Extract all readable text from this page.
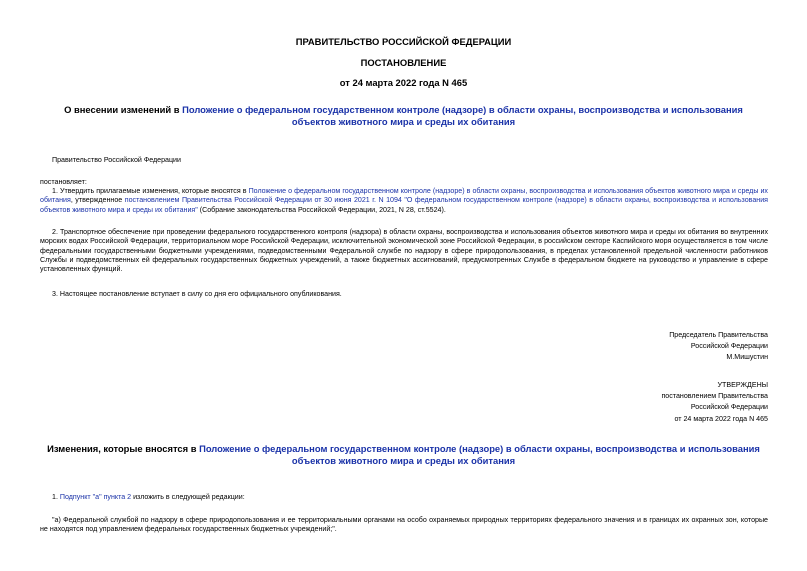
ПРАВИТЕЛЬСТВО РОССИЙСКОЙ ФЕДЕРАЦИИ
ПОСТАНОВЛЕНИЕ
от 24 марта 2022 года N 465
О внесении изменений в Положение о федеральном государственном контроле (надзоре) в области охраны, воспроизводства и использования объектов животного мира и среды их обитания
Правительство Российской Федерации
постановляет:

1. Утвердить прилагаемые изменения, которые вносятся в Положение о федеральном государственном контроле (надзоре) в области охраны, воспроизводства и использования объектов животного мира и среды их обитания, утвержденное постановлением Правительства Российской Федерации от 30 июня 2021 г. N 1094 "О федеральном государственном контроле (надзоре) в области охраны, воспроизводства и использования объектов животного мира и среды их обитания" (Собрание законодательства Российской Федерации, 2021, N 28, ст.5524).

2. Транспортное обеспечение при проведении федерального государственного контроля (надзора) в области охраны, воспроизводства и использования объектов животного мира и среды их обитания во внутренних морских водах Российской Федерации, территориальном море Российской Федерации, исключительной экономической зоне Российской Федерации, в российском секторе Каспийского моря осуществляется в том числе федеральными государственными бюджетными учреждениями, подведомственными Федеральной службе по надзору в сфере природопользования, в пределах установленной предельной численности работников Службы и подведомственных ей федеральных государственных бюджетных учреждений, а также бюджетных ассигнований, предусмотренных Службе в федеральном бюджете на руководство и управление в сфере установленных функций.

3. Настоящее постановление вступает в силу со дня его официального опубликования.

Председатель Правительства
Российской Федерации
М.Мишустин
УТВЕРЖДЕНЫ
постановлением Правительства
Российской Федерации
от 24 марта 2022 года N 465
Изменения, которые вносятся в Положение о федеральном государственном контроле (надзоре) в области охраны, воспроизводства и использования объектов животного мира и среды их обитания

1. Подпункт "а" пункта 2 изложить в следующей редакции:

"а) Федеральной службой по надзору в сфере природопользования и ее территориальными органами на особо охраняемых природных территориях федерального значения и в границах их охранных зон, которые не находятся под управлением федеральных государственных бюджетных учреждений;".
